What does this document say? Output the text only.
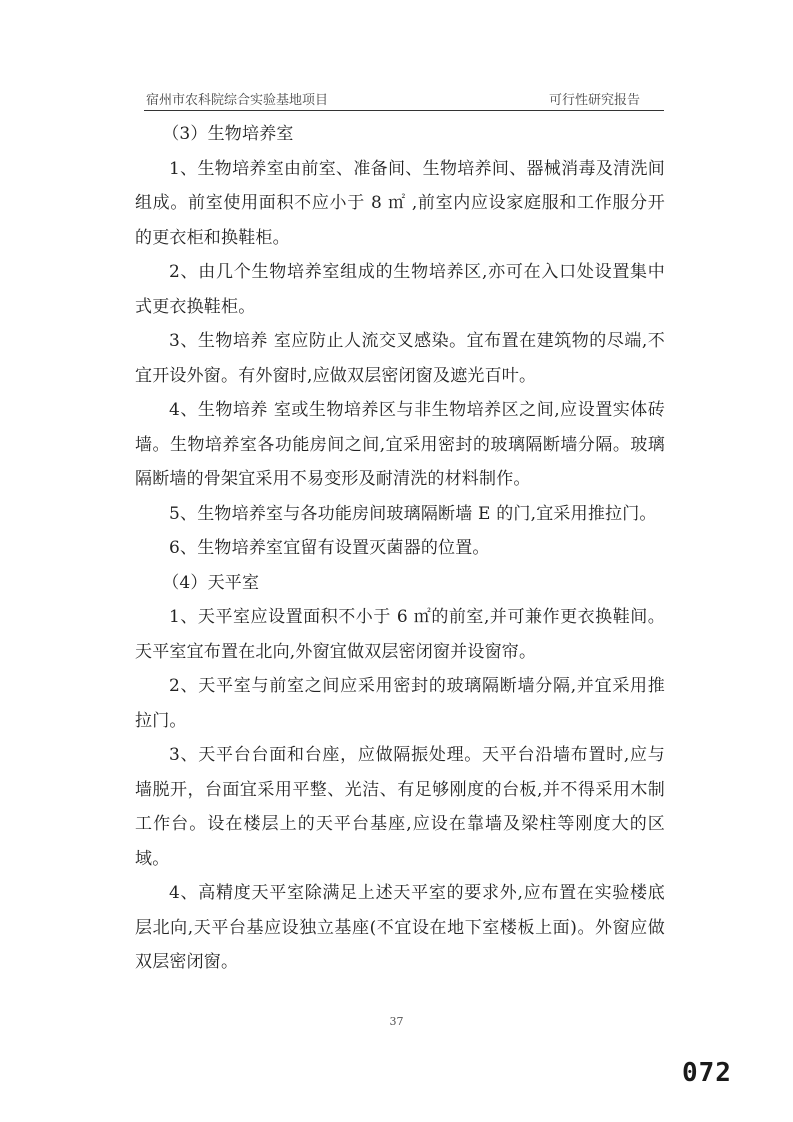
宿州市农科院综合实验基地项目	可行性研究报告

（3）生物培养室

1、生物培养室由前室、准备间、生物培养间、器械消毒及清洗间组成。前室使用面积不应小于 8 ㎡ ,前室内应设家庭服和工作服分开的更衣柜和换鞋柜。

2、由几个生物培养室组成的生物培养区,亦可在入口处设置集中式更衣换鞋柜。

3、生物培养 室应防止人流交叉感染。宜布置在建筑物的尽端,不宜开设外窗。有外窗时,应做双层密闭窗及遮光百叶。

4、生物培养 室或生物培养区与非生物培养区之间,应设置实体砖墙。生物培养室各功能房间之间,宜采用密封的玻璃隔断墙分隔。玻璃隔断墙的骨架宜采用不易变形及耐清洗的材料制作。

5、生物培养室与各功能房间玻璃隔断墙 E 的门,宜采用推拉门。

6、生物培养室宜留有设置灭菌器的位置。

（4）天平室

1、天平室应设置面积不小于 6 ㎡的前室,并可兼作更衣换鞋间。天平室宜布置在北向,外窗宜做双层密闭窗并设窗帘。

2、天平室与前室之间应采用密封的玻璃隔断墙分隔,并宜采用推拉门。

3、天平台台面和台座，应做隔振处理。天平台沿墙布置时,应与墙脱开，台面宜采用平整、光洁、有足够刚度的台板,并不得采用木制工作台。设在楼层上的天平台基座,应设在靠墙及梁柱等刚度大的区域。

4、高精度天平室除满足上述天平室的要求外,应布置在实验楼底层北向,天平台基应设独立基座(不宜设在地下室楼板上面)。外窗应做双层密闭窗。

37
072
